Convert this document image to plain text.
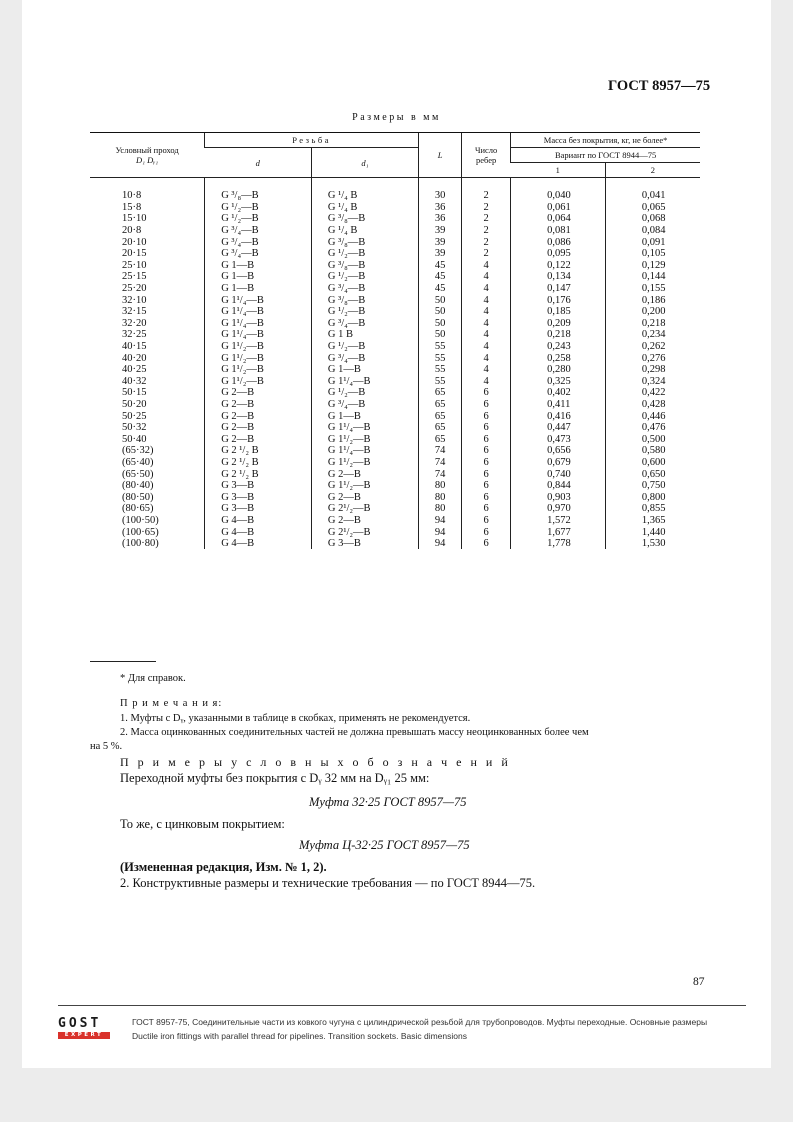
ГОСТ 8957—75
Размеры в мм
Условный проход
D₁ Dᵧ₁	Резьба		L	Число ребер	Масса без покрытия, кг, не более*	
	d	d₁			Вариант по ГОСТ 8944—75	
					1	2

10·8	G ³/₈—B	G ¹/₄ B	30	2	0,040	0,041
15·8	G ¹/₂—B	G ¹/₄ B	36	2	0,061	0,065
15·10	G ¹/₂—B	G ³/₈—B	36	2	0,064	0,068
20·8	G ³/₄—B	G ¹/₄ B	39	2	0,081	0,084
20·10	G ³/₄—B	G ³/₈—B	39	2	0,086	0,091
20·15	G ³/₄—B	G ¹/₂—B	39	2	0,095	0,105
25·10	G 1—B	G ³/₈—B	45	4	0,122	0,129
25·15	G 1—B	G ¹/₂—B	45	4	0,134	0,144
25·20	G 1—B	G ³/₄—B	45	4	0,147	0,155
32·10	G 1¹/₄—B	G ³/₈—B	50	4	0,176	0,186
32·15	G 1¹/₄—B	G ¹/₂—B	50	4	0,185	0,200
32·20	G 1¹/₄—B	G ³/₄—B	50	4	0,209	0,218
32·25	G 1¹/₄—B	G 1 B	50	4	0,218	0,234
40·15	G 1¹/₂—B	G ¹/₂—B	55	4	0,243	0,262
40·20	G 1¹/₂—B	G ³/₄—B	55	4	0,258	0,276
40·25	G 1¹/₂—B	G 1—B	55	4	0,280	0,298
40·32	G 1¹/₂—B	G 1¹/₄—B	55	4	0,325	0,324
50·15	G 2—B	G ¹/₂—B	65	6	0,402	0,422
50·20	G 2—B	G ³/₄—B	65	6	0,411	0,428
50·25	G 2—B	G 1—B	65	6	0,416	0,446
50·32	G 2—B	G 1¹/₄—B	65	6	0,447	0,476
50·40	G 2—B	G 1¹/₂—B	65	6	0,473	0,500
(65·32)	G 2 ¹/₂ B	G 1¹/₄—B	74	6	0,656	0,580
(65·40)	G 2 ¹/₂ B	G 1¹/₂—B	74	6	0,679	0,600
(65·50)	G 2 ¹/₂ B	G 2—B	74	6	0,740	0,650
(80·40)	G 3—B	G 1¹/₂—B	80	6	0,844	0,750
(80·50)	G 3—B	G 2—B	80	6	0,903	0,800
(80·65)	G 3—B	G 2¹/₂—B	80	6	0,970	0,855
(100·50)	G 4—B	G 2—B	94	6	1,572	1,365
(100·65)	G 4—B	G 2¹/₂—B	94	6	1,677	1,440
(100·80)	G 4—B	G 3—B	94	6	1,778	1,530
* Для справок.
П р и м е ч а н и я:
1. Муфты с Dᵧ, указанными в таблице в скобках, применять не рекомендуется.
2. Масса оцинкованных соединительных частей не должна превышать массу неоцинкованных более чем
на 5 %.
П р и м е р ы у с л о в н ы х о б о з н а ч е н и й
Переходной муфты без покрытия с Dᵧ 32 мм на Dᵧ₁ 25 мм:
Муфта 32·25 ГОСТ 8957—75
То же, с цинковым покрытием:
Муфта Ц-32·25 ГОСТ 8957—75
(Измененная редакция, Изм. № 1, 2).
2. Конструктивные размеры и технические требования — по ГОСТ 8944—75.
87
GOST
EXPERT
ГОСТ 8957-75, Соединительные части из ковкого чугуна с цилиндрической резьбой для трубопроводов. Муфты переходные. Основные размеры
Ductile iron fittings with parallel thread for pipelines. Transition sockets. Basic dimensions
